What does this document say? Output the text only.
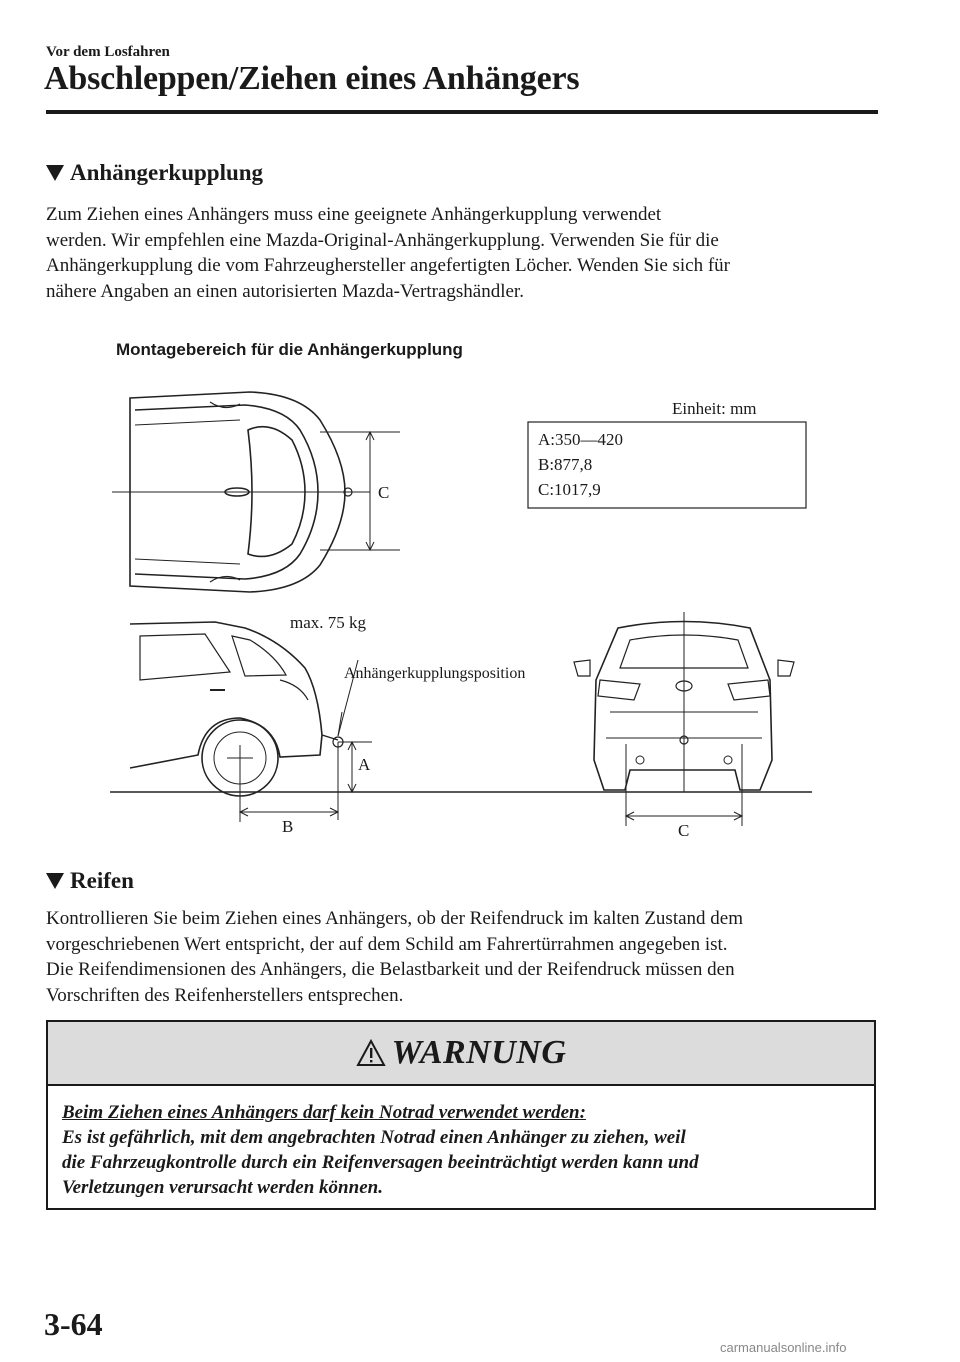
Vor dem Losfahren
Abschleppen/Ziehen eines Anhängers
Anhängerkupplung
Zum Ziehen eines Anhängers muss eine geeignete Anhängerkupplung verwendet
werden. Wir empfehlen eine Mazda-Original-Anhängerkupplung. Verwenden Sie für die
Anhängerkupplung die vom Fahrzeughersteller angefertigten Löcher. Wenden Sie sich für
nähere Angaben an einen autorisierten Mazda-Vertragshändler.
Montagebereich für die Anhängerkupplung
Einheit: mm
A:350—420
B:877,8
C:1017,9
C
max. 75 kg
Anhängerkupplungsposition
A
B	C
Reifen
Kontrollieren Sie beim Ziehen eines Anhängers, ob der Reifendruck im kalten Zustand dem
vorgeschriebenen Wert entspricht, der auf dem Schild am Fahrertürrahmen angegeben ist.
Die Reifendimensionen des Anhängers, die Belastbarkeit und der Reifendruck müssen den
Vorschriften des Reifenherstellers entsprechen.
WARNUNG
Beim Ziehen eines Anhängers darf kein Notrad verwendet werden:
Es ist gefährlich, mit dem angebrachten Notrad einen Anhänger zu ziehen, weil
die Fahrzeugkontrolle durch ein Reifenversagen beeinträchtigt werden kann und
Verletzungen verursacht werden können.
3-64
carmanualsonline.info
